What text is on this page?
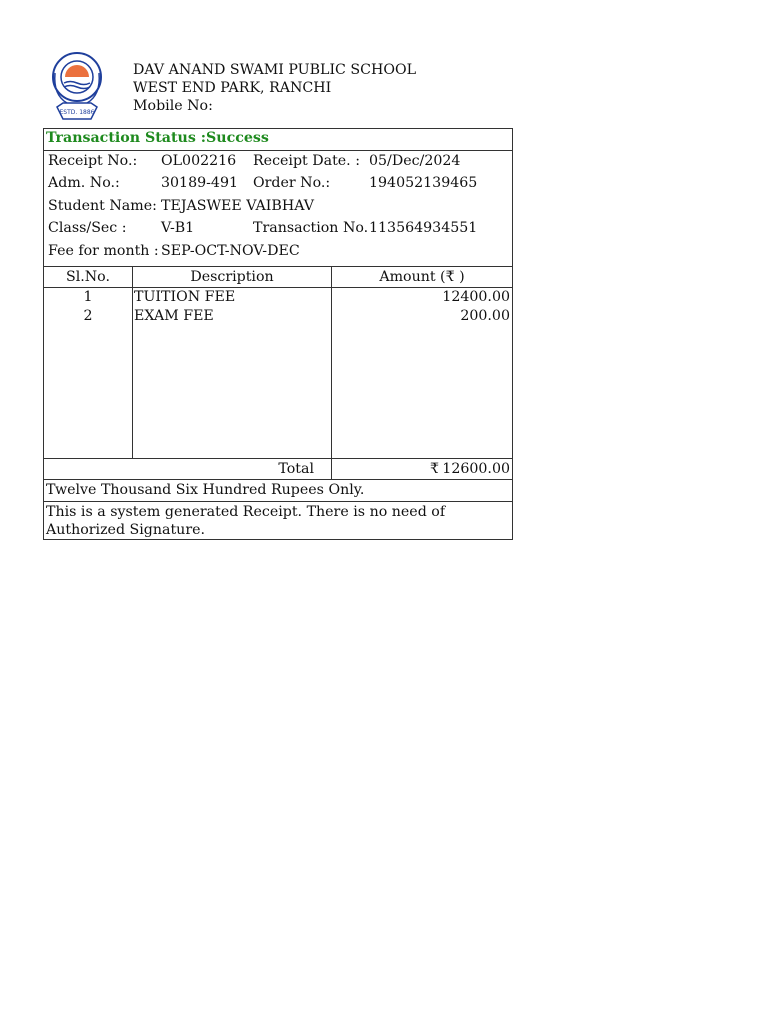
ESTD. 1886
DAV ANAND SWAMI PUBLIC SCHOOL
WEST END PARK, RANCHI
Mobile No:
Transaction Status :Success
Receipt No.: OL002216 Receipt Date. : 05/Dec/2024
Adm. No.:	30189-491 Order No.:	194052139465
Student Name: TEJASWEE VAIBHAV
Class/Sec : V-B1	Transaction No. 113564934551
Fee for month : SEP-OCT-NOV-DEC
Sl.No.	Description	Amount (₹ )
1	TUITION FEE	12400.00
2	EXAM FEE	200.00
Total	₹ 12600.00
Twelve Thousand Six Hundred Rupees Only.
This is a system generated Receipt. There is no need of
Authorized Signature.
